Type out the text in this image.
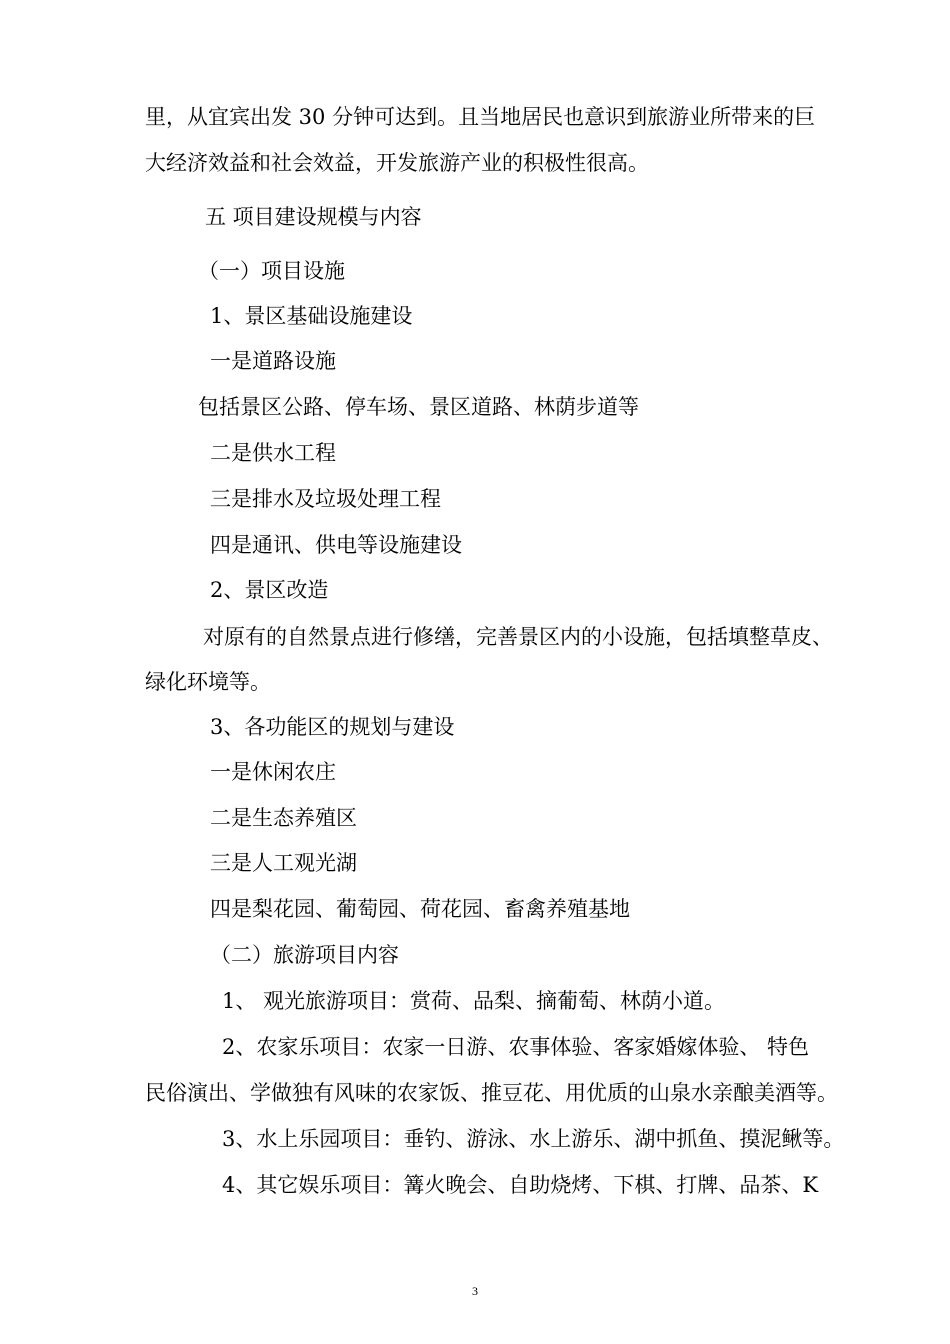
里，从宜宾出发 30 分钟可达到。且当地居民也意识到旅游业所带来的巨

大经济效益和社会效益，开发旅游产业的积极性很高。

五 项目建设规模与内容

（一）项目设施

1、景区基础设施建设

一是道路设施

包括景区公路、停车场、景区道路、林荫步道等

二是供水工程

三是排水及垃圾处理工程

四是通讯、供电等设施建设

2、景区改造

对原有的自然景点进行修缮，完善景区内的小设施，包括填整草皮、

绿化环境等。

3、各功能区的规划与建设

一是休闲农庄

二是生态养殖区

三是人工观光湖

四是梨花园、葡萄园、荷花园、畜禽养殖基地

（二）旅游项目内容

1、 观光旅游项目：赏荷、品梨、摘葡萄、林荫小道。

2、农家乐项目：农家一日游、农事体验、客家婚嫁体验、 特色

民俗演出、学做独有风味的农家饭、推豆花、用优质的山泉水亲酿美酒等。

3、水上乐园项目：垂钓、游泳、水上游乐、湖中抓鱼、摸泥鳅等。

4、其它娱乐项目：篝火晚会、自助烧烤、下棋、打牌、品茶、K

3
